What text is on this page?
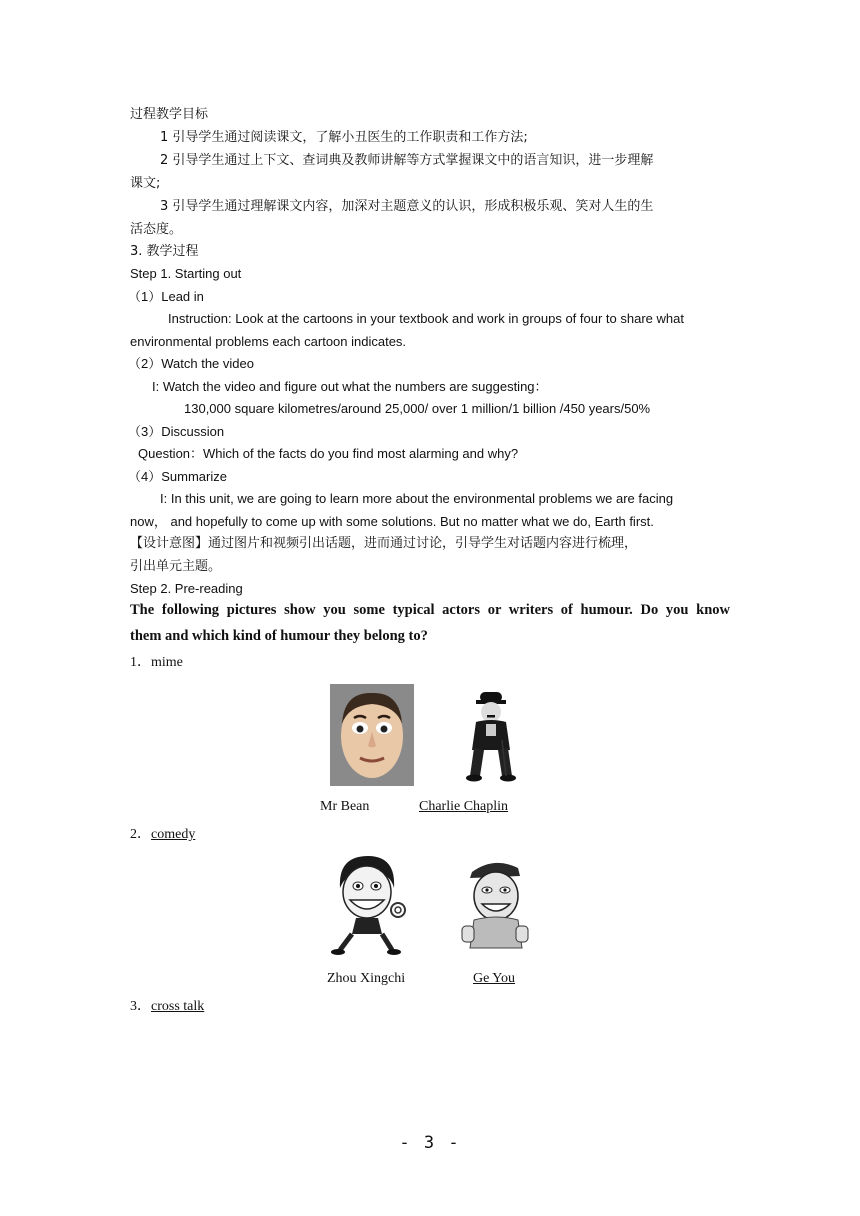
过程教学目标
1 引导学生通过阅读课文，了解小丑医生的工作职责和工作方法;
2 引导学生通过上下文、查词典及教师讲解等方式掌握课文中的语言知识，进一步理解
课文;
3 引导学生通过理解课文内容，加深对主题意义的认识，形成积极乐观、笑对人生的生
活态度。
3. 教学过程
Step 1. Starting out
（1）Lead in
Instruction: Look at the cartoons in your textbook and work in groups of four to share what
environmental problems each cartoon indicates.
（2）Watch the video
I: Watch the video and figure out what the numbers are suggesting：
130,000 square kilometres/around 25,000/ over 1 million/1 billion /450 years/50%
（3）Discussion
Question：Which of the facts do you find most alarming and why?
（4）Summarize
I: In this unit, we are going to learn more about the environmental problems we are facing
now， and hopefully to come up with some solutions. But no matter what we do, Earth first.
【设计意图】通过图片和视频引出话题，进而通过讨论，引导学生对话题内容进行梳理，
引出单元主题。
Step 2. Pre-reading
The following pictures show you some typical actors or writers of humour. Do you know
them and which kind of humour they belong to?
1．mime
Mr Bean	Charlie Chaplin
2．comedy
Zhou Xingchi	Ge You
3．cross talk
- 3 -
